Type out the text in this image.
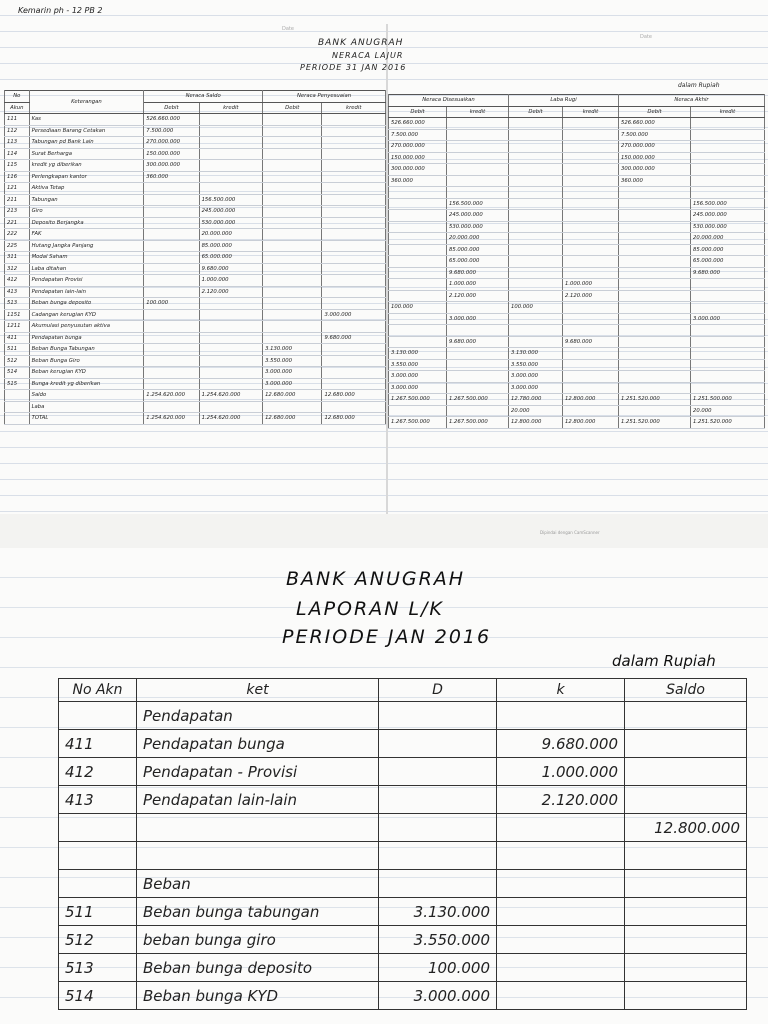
Kemarin ph - 12 PB 2
Date
Date
BANK ANUGRAH
NERACA LAJUR
PERIODE 31 JAN 2016
dalam Rupiah
No	Keterangan	Neraca Saldo		Neraca Penyesuaian	
Akun		Debit	kredit	Debit	kredit
111	Kas	526.660.000			
112	Persediaan Barang Cetakan	7.500.000			
113	Tabungan pd Bank Lain	270.000.000			
114	Surat Berharga	150.000.000			
115	kredit yg diberikan	300.000.000			
116	Perlengkapan kantor	360.000			
121	Aktiva Tetap				
211	Tabungan		156.500.000		
213	Giro		245.000.000		
221	Deposito Berjangka		530.000.000		
222	FAK		20.000.000		
225	Hutang Jangka Panjang		85.000.000		
311	Modal Saham		65.000.000		
312	Laba ditahan		9.680.000		
412	Pendapatan Provisi		1.000.000		
413	Pendapatan lain-lain		2.120.000		
513	Beban bunga deposito	100.000			
1151	Cadangan kerugian KYD				3.000.000
1211	Akumulasi penyusutan aktiva				
411	Pendapatan bunga				9.680.000
511	Beban Bunga Tabungan			3.130.000	
512	Beban Bunga Giro			3.550.000	
514	Beban kerugian KYD			3.000.000	
515	Bunga kredit yg diberikan			3.000.000	
	Saldo	1.254.620.000	1.254.620.000	12.680.000	12.680.000
	Laba				
	TOTAL	1.254.620.000	1.254.620.000	12.680.000	12.680.000
Neraca Disesuaikan		Laba Rugi		Neraca Akhir	
Debit	kredit	Debit	kredit	Debit	kredit
526.660.000				526.660.000	
7.500.000				7.500.000	
270.000.000				270.000.000	
150.000.000				150.000.000	
300.000.000				300.000.000	
360.000				360.000	

	156.500.000				156.500.000
	245.000.000				245.000.000
	530.000.000				530.000.000
	20.000.000				20.000.000
	85.000.000				85.000.000
	65.000.000				65.000.000
	9.680.000				9.680.000
	1.000.000		1.000.000		
	2.120.000		2.120.000		
100.000		100.000			
	3.000.000				3.000.000

	9.680.000		9.680.000		
3.130.000		3.130.000			
3.550.000		3.550.000			
3.000.000		3.000.000			
3.000.000		3.000.000			
1.267.500.000	1.267.500.000	12.780.000	12.800.000	1.251.520.000	1.251.500.000
		20.000			20.000
1.267.500.000	1.267.500.000	12.800.000	12.800.000	1.251.520.000	1.251.520.000
Dipindai dengan CamScanner
BANK ANUGRAH
LAPORAN L/K
PERIODE JAN 2016
dalam Rupiah
No Akn	ket	D	k	Saldo
	Pendapatan			
411	Pendapatan bunga		9.680.000	
412	Pendapatan - Provisi		1.000.000	
413	Pendapatan lain-lain		2.120.000	
				12.800.000

	Beban			
511	Beban bunga tabungan	3.130.000		
512	beban bunga giro	3.550.000		
513	Beban bunga deposito	100.000		
514	Beban bunga KYD	3.000.000		
